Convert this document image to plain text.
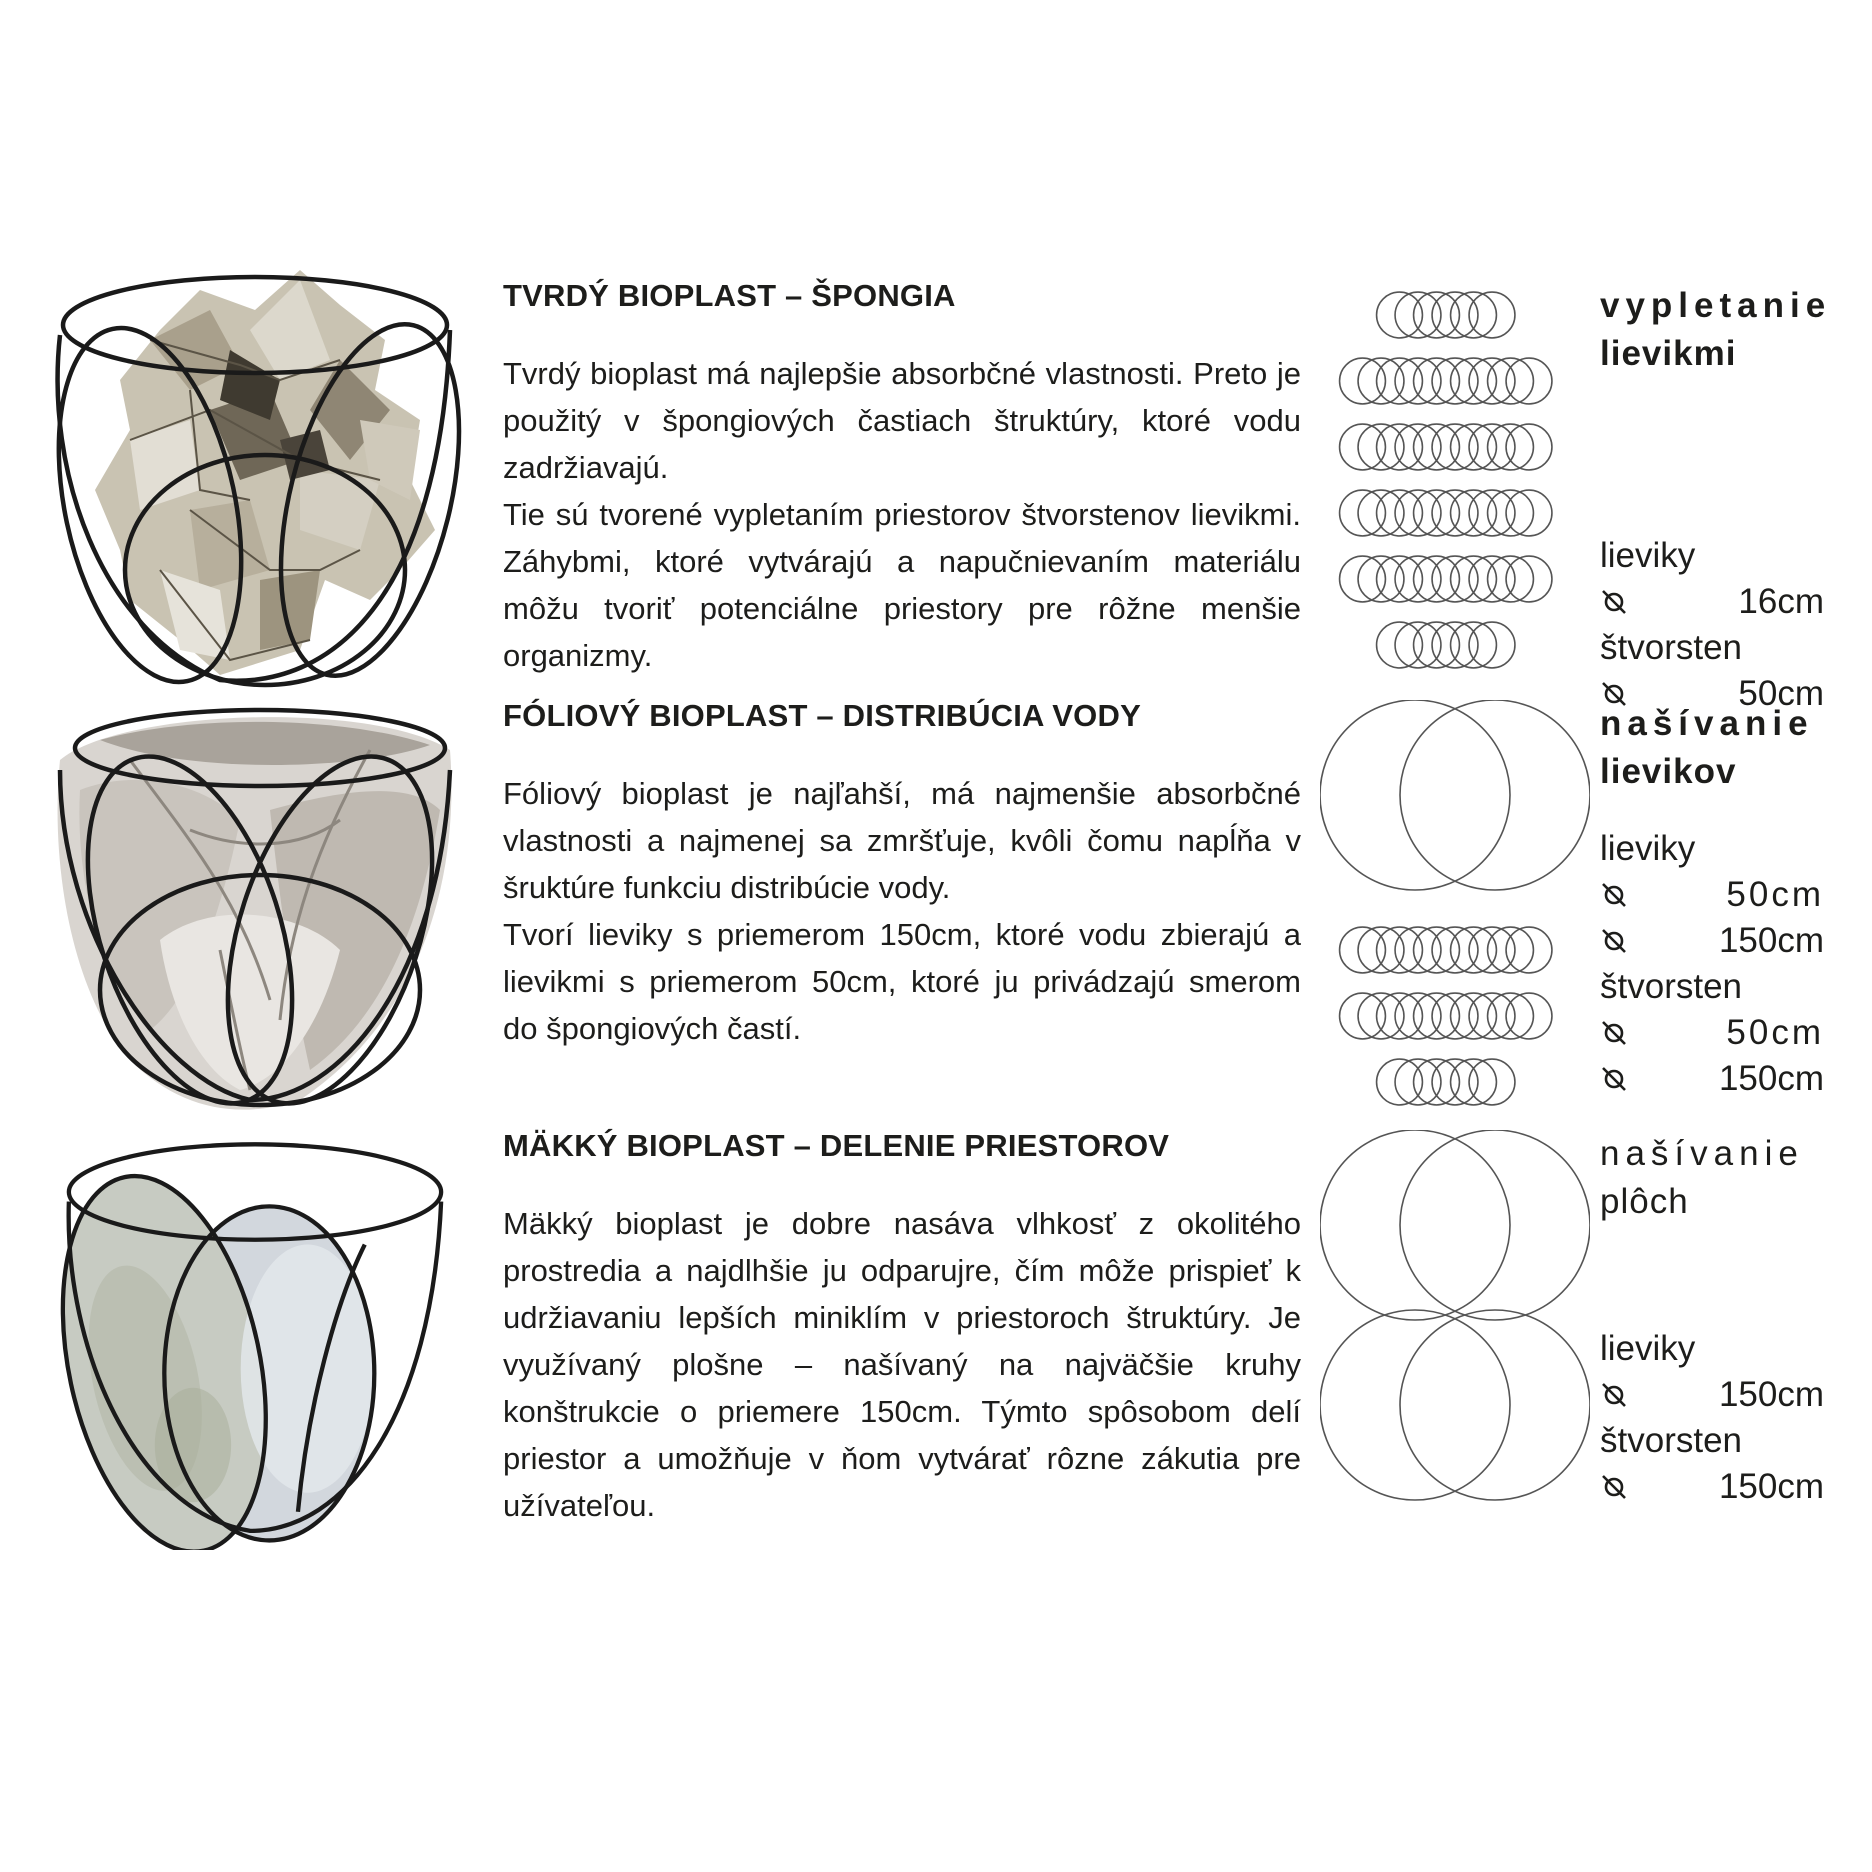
TVRDÝ BIOPLAST – ŠPONGIA

Tvrdý bioplast má najlepšie absorbčné vlastnosti. Preto je použitý v špongiových častiach štruktúry, ktoré vodu zadržiavajú.

Tie sú tvorené vypletaním priestorov štvorstenov lievikmi. Záhybmi, ktoré vytvárajú a napučnievaním materiálu môžu tvoriť potenciálne priestory pre rôžne menšie organizmy.

vypletanie
lievikmi

lieviky

16cm

štvorsten

50cm

FÓLIOVÝ BIOPLAST – DISTRIBÚCIA VODY

Fóliový bioplast je najľahší, má najmenšie absorbčné vlastnosti a najmenej sa zmršťuje, kvôli čomu napĺňa v šruktúre funkciu distribúcie vody.

Tvorí lieviky s priemerom 150cm, ktoré vodu zbierajú a lievikmi s priemerom 50cm, ktoré ju privádzajú smerom do špongiových častí.

našívanie
lievikov

lieviky

50cm
150cm

štvorsten

50cm
150cm

MÄKKÝ BIOPLAST – DELENIE PRIESTOROV

Mäkký bioplast je dobre nasáva vlhkosť z okolitého prostredia a najdlhšie ju odparujre, čím môže prispieť k udržiavaniu lepších miniklím v priestoroch štruktúry. Je využívaný plošne – našívaný na najväčšie kruhy konštrukcie o priemere 150cm. Týmto spôsobom delí priestor a umožňuje v ňom vytvárať rôzne zákutia pre užívateľou.

našívanie
plôch

lieviky

150cm

štvorsten

150cm
